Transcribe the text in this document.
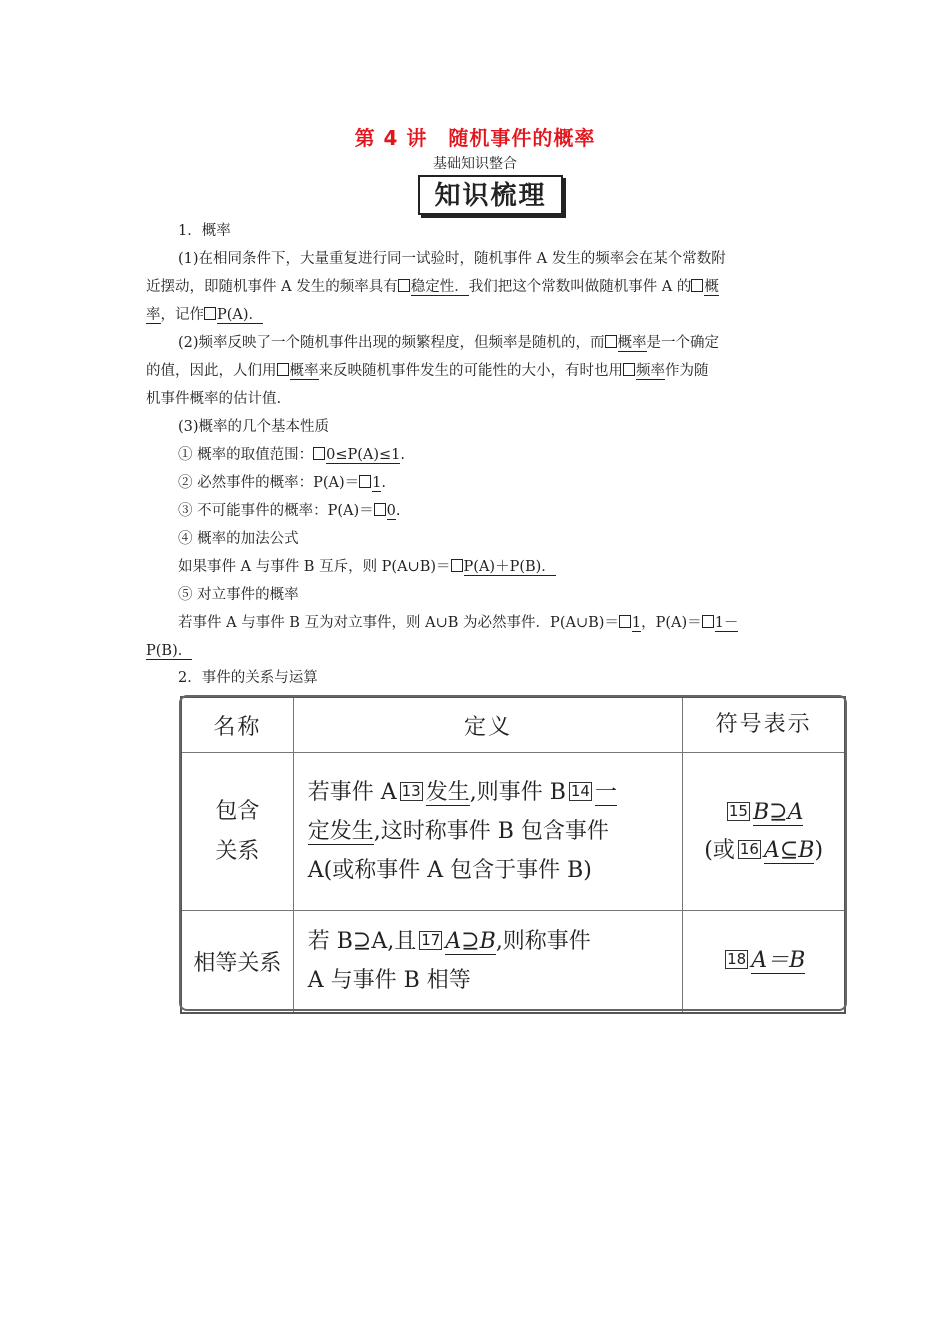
第 4 讲　随机事件的概率
基础知识整合
知识梳理
1．概率
(1)在相同条件下，大量重复进行同一试验时，随机事件 A 发生的频率会在某个常数附
近摆动，即随机事件 A 发生的频率具有 稳定性．我们把这个常数叫做随机事件 A 的 概
率，记作 P(A)．
(2)频率反映了一个随机事件出现的频繁程度，但频率是随机的，而 概率是一个确定
的值，因此，人们用 概率来反映随机事件发生的可能性的大小，有时也用 频率作为随
机事件概率的估计值.
(3)概率的几个基本性质
① 概率的取值范围： 0≤P(A)≤1.
② 必然事件的概率：P(A)＝ 1.
③ 不可能事件的概率：P(A)＝ 0.
④ 概率的加法公式
如果事件 A 与事件 B 互斥，则 P(A∪B)＝ P(A)＋P(B)．
⑤ 对立事件的概率
若事件 A 与事件 B 互为对立事件，则 A∪B 为必然事件．P(A∪B)＝ 1，P(A)＝ 1－
P(B)．
2．事件的关系与运算
名称	定义	符号表示
包含
关系	若事件 A 13 发生,则事件 B 14 一
定发生,这时称事件 B 包含事件
A(或称事件 A 包含于事件 B)	15 B⊇A
(或 16 A⊆B)
相等关系	若 B⊇A,且 17 A⊇B,则称事件
A 与事件 B 相等	18 A＝B
